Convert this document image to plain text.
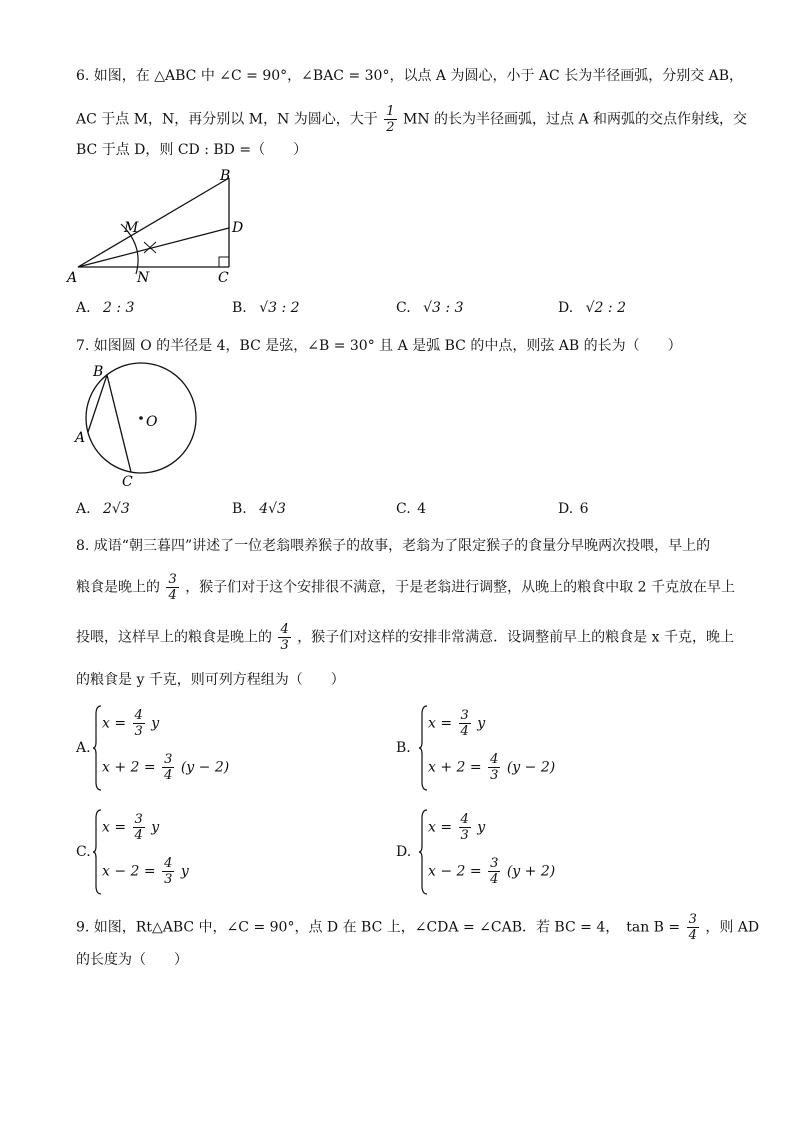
6. 如图，在 △ABC 中 ∠C = 90°，∠BAC = 30°，以点 A 为圆心，小于 AC 长为半径画弧，分别交 AB，
AC 于点 M，N，再分别以 M，N 为圆心，大于 $\frac{1}{2}$ MN 的长为半径画弧，过点 A 和两弧的交点作射线，交
BC 于点 D，则 CD : BD =（　　）
A
B
C
D
M
N
A. 2 : 3	B. √3 : 2	C. √3 : 3	D. √2 : 2
7. 如图圆 O 的半径是 4，BC 是弦，∠B = 30° 且 A 是弧 BC 的中点，则弦 AB 的长为（　　）
B
A
C
O
A. 2√3	B. 4√3	C. 4	D. 6
8. 成语“朝三暮四”讲述了一位老翁喂养猴子的故事，老翁为了限定猴子的食量分早晚两次投喂，早上的
粮食是晚上的 $\frac{3}{4}$ ，猴子们对于这个安排很不满意，于是老翁进行调整，从晚上的粮食中取 2 千克放在早上
投喂，这样早上的粮食是晚上的 $\frac{4}{3}$ ，猴子们对这样的安排非常满意．设调整前早上的粮食是 x 千克，晚上
的粮食是 y 千克，则可列方程组为（　　）
A.
$x = \frac{4}{3}$ y
$x + 2 = \frac{3}{4} (y - 2)$
B.
$x = \frac{3}{4}$ y
$x + 2 = \frac{4}{3} (y - 2)$
C.
$x = \frac{3}{4}$ y
$x - 2 = \frac{4}{3}$ y
D.
$x = \frac{4}{3}$ y
$x - 2 = \frac{3}{4} (y + 2)$
9. 如图，Rt△ABC 中，∠C = 90°，点 D 在 BC 上，∠CDA = ∠CAB．若 BC = 4，　$\tan B = \frac{3}{4}$ ，则 AD
的长度为（　　）
